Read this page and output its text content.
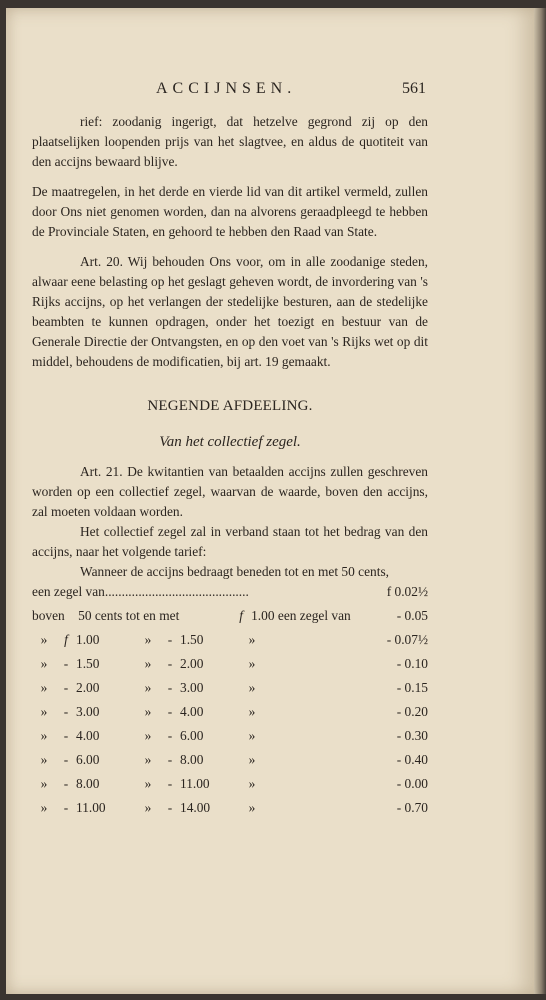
ACCIJNSEN.	561

rief: zoodanig ingerigt, dat hetzelve gegrond zij op den plaatselijken loopenden prijs van het slagtvee, en aldus de quotiteit van den accijns bewaard blijve.

De maatregelen, in het derde en vierde lid van dit artikel vermeld, zullen door Ons niet genomen worden, dan na alvorens geraadpleegd te hebben de Provinciale Staten, en gehoord te hebben den Raad van State.

Art. 20. Wij behouden Ons voor, om in alle zoodanige steden, alwaar eene belasting op het geslagt geheven wordt, de invordering van 's Rijks accijns, op het verlangen der stedelijke besturen, aan de stedelijke beambten te kunnen opdragen, onder het toezigt en bestuur van de Generale Directie der Ontvangsten, en op den voet van 's Rijks wet op dit middel, behoudens de modificatien, bij art. 19 gemaakt.

NEGENDE AFDEELING.

Van het collectief zegel.

Art. 21. De kwitantien van betaalden accijns zullen geschreven worden op een collectief zegel, waarvan de waarde, boven den accijns, zal moeten voldaan worden.

Het collectief zegel zal in verband staan tot het bedrag van den accijns, naar het volgende tarief:

Wanneer de accijns bedraagt beneden tot en met 50 cents,

een zegel van...........................................	f 0.02½
boven 50 cents tot en met	f	1.00 een zegel van	- 0.05
»	f	1.00	»	-	1.50	»	- 0.07½
»	-	1.50	»	-	2.00	»	- 0.10
»	-	2.00	»	-	3.00	»	- 0.15
»	-	3.00	»	-	4.00	»	- 0.20
»	-	4.00	»	-	6.00	»	- 0.30
»	-	6.00	»	-	8.00	»	- 0.40
»	-	8.00	»	-	11.00	»	- 0.00
»	-	11.00	»	-	14.00	»	- 0.70
